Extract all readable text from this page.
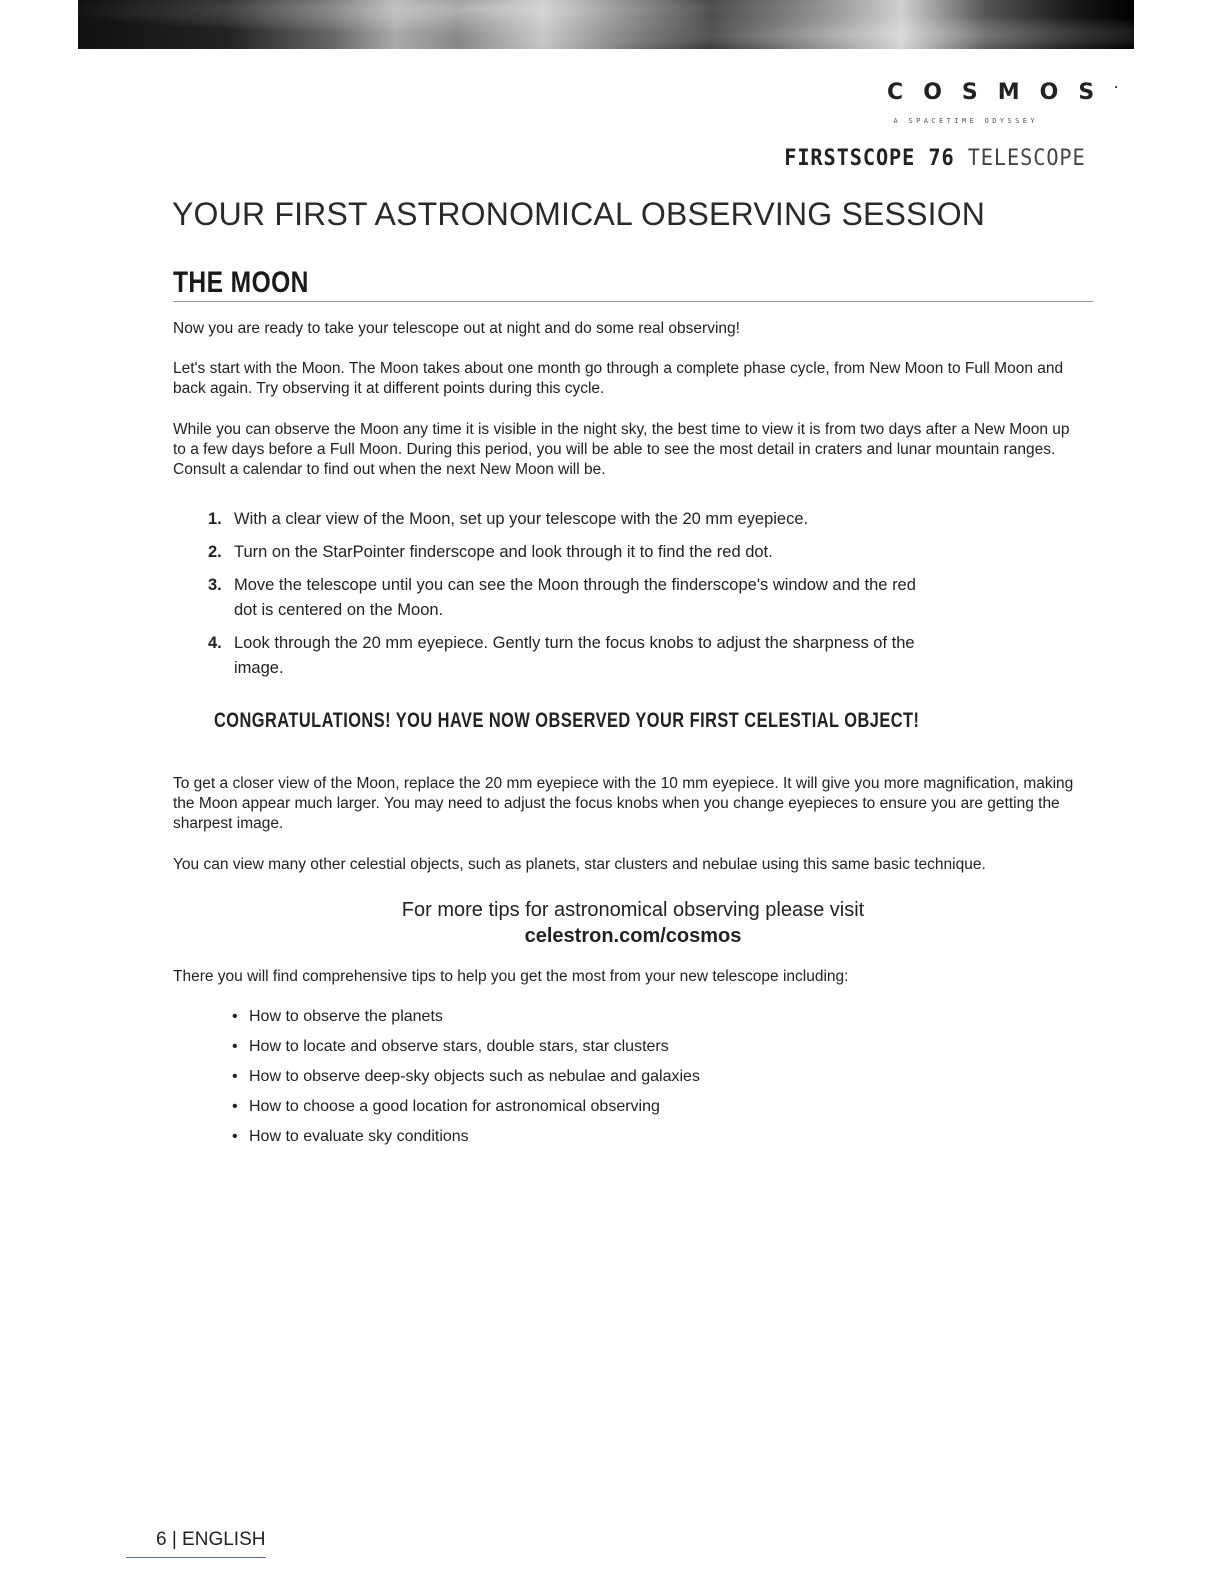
COSMOS·
A SPACETIME ODYSSEY
FIRSTSCOPE 76 TELESCOPE
YOUR FIRST ASTRONOMICAL OBSERVING SESSION
THE MOON

Now you are ready to take your telescope out at night and do some real observing!

Let's start with the Moon. The Moon takes about one month go through a complete phase cycle, from New Moon to Full Moon and back again. Try observing it at different points during this cycle.

While you can observe the Moon any time it is visible in the night sky, the best time to view it is from two days after a New Moon up to a few days before a Full Moon. During this period, you will be able to see the most detail in craters and lunar mountain ranges. Consult a calendar to find out when the next New Moon will be.

1. With a clear view of the Moon, set up your telescope with the 20 mm eyepiece.
2. Turn on the StarPointer finderscope and look through it to find the red dot.
3. Move the telescope until you can see the Moon through the finderscope's window and the red dot is centered on the Moon.
4. Look through the 20 mm eyepiece. Gently turn the focus knobs to adjust the sharpness of the image.
CONGRATULATIONS! YOU HAVE NOW OBSERVED YOUR FIRST CELESTIAL OBJECT!

To get a closer view of the Moon, replace the 20 mm eyepiece with the 10 mm eyepiece. It will give you more magnification, making the Moon appear much larger. You may need to adjust the focus knobs when you change eyepieces to ensure you are getting the sharpest image.

You can view many other celestial objects, such as planets, star clusters and nebulae using this same basic technique.

For more tips for astronomical observing please visit
celestron.com/cosmos

There you will find comprehensive tips to help you get the most from your new telescope including:

• How to observe the planets
• How to locate and observe stars, double stars, star clusters
• How to observe deep-sky objects such as nebulae and galaxies
• How to choose a good location for astronomical observing
• How to evaluate sky conditions
6 | ENGLISH
